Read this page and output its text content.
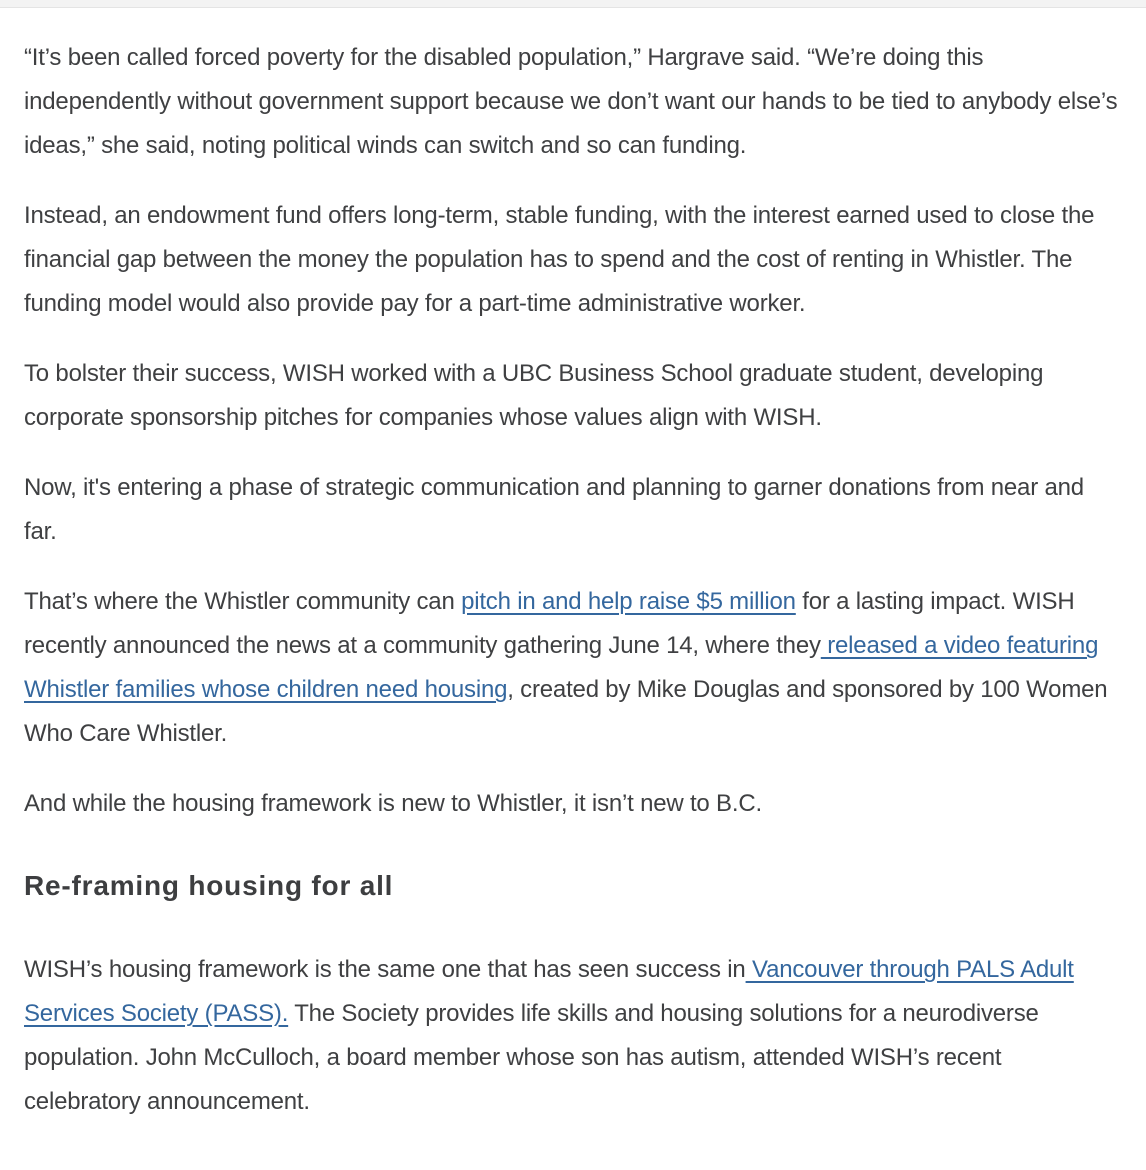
“It’s been called forced poverty for the disabled population,” Hargrave said. “We’re doing this independently without government support because we don’t want our hands to be tied to anybody else’s ideas,” she said, noting political winds can switch and so can funding.

Instead, an endowment fund offers long-term, stable funding, with the interest earned used to close the financial gap between the money the population has to spend and the cost of renting in Whistler. The funding model would also provide pay for a part-time administrative worker.

To bolster their success, WISH worked with a UBC Business School graduate student, developing corporate sponsorship pitches for companies whose values align with WISH.

Now, it's entering a phase of strategic communication and planning to garner donations from near and far.

That’s where the Whistler community can pitch in and help raise $5 million for a lasting impact. WISH recently announced the news at a community gathering June 14, where they released a video featuring Whistler families whose children need housing, created by Mike Douglas and sponsored by 100 Women Who Care Whistler.

And while the housing framework is new to Whistler, it isn’t new to B.C.

Re-framing housing for all

WISH’s housing framework is the same one that has seen success in Vancouver through PALS Adult Services Society (PASS). The Society provides life skills and housing solutions for a neurodiverse population. John McCulloch, a board member whose son has autism, attended WISH’s recent celebratory announcement.
